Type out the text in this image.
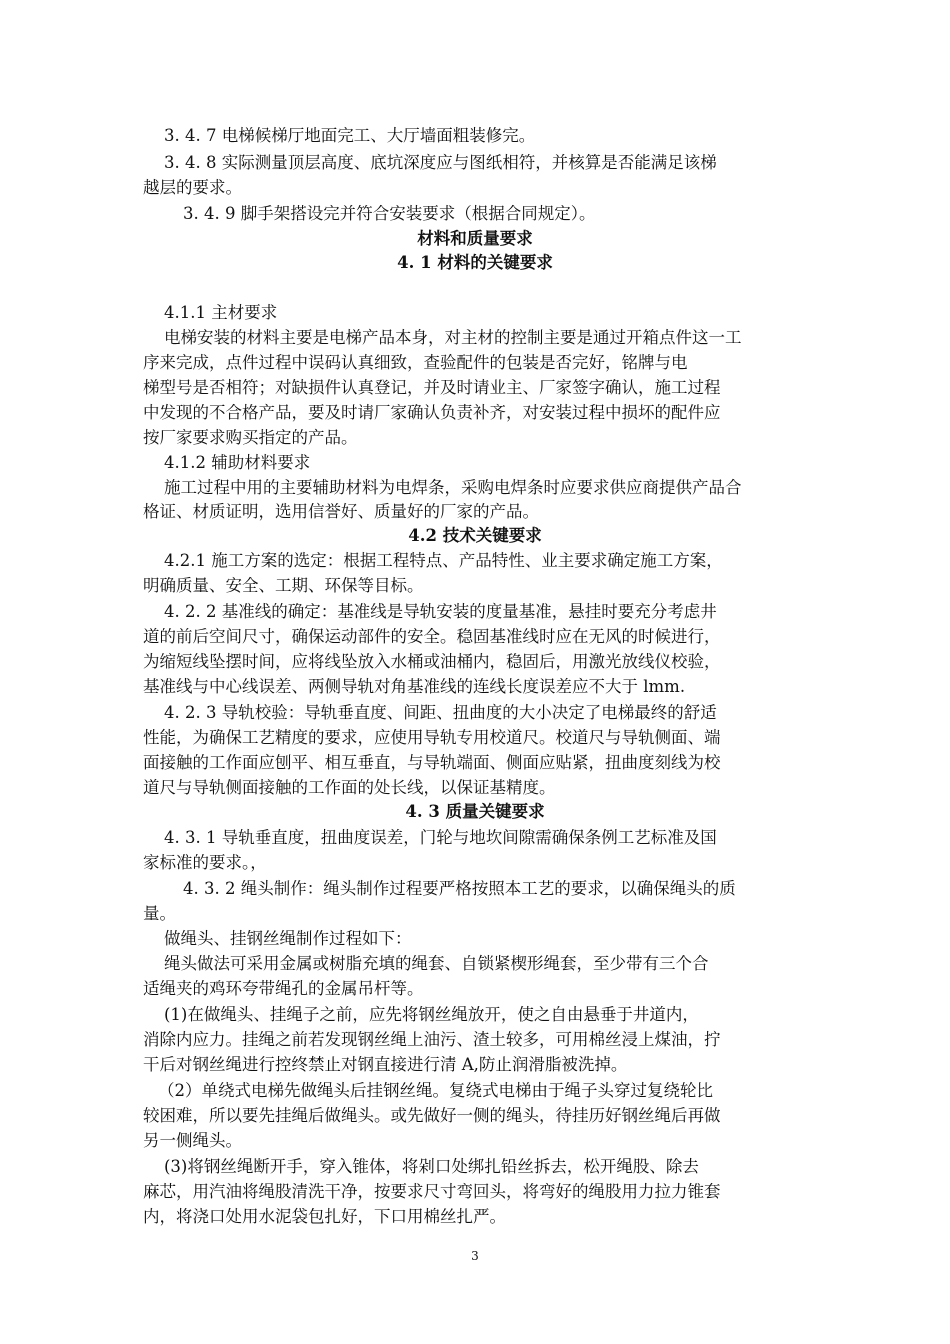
3. 4. 7 电梯候梯厅地面完工、大厅墙面粗装修完。
3. 4. 8 实际测量顶层高度、底坑深度应与图纸相符，并核算是否能满足该梯
越层的要求。
3. 4. 9 脚手架搭设完并符合安装要求（根据合同规定）。
材料和质量要求
4. 1 材料的关键要求
4.1.1 主材要求
电梯安装的材料主要是电梯产品本身，对主材的控制主要是通过开箱点件这一工
序来完成，点件过程中误码认真细致，查验配件的包装是否完好，铭牌与电
梯型号是否相符；对缺损件认真登记，并及时请业主、厂家签字确认，施工过程
中发现的不合格产品，要及时请厂家确认负责补齐，对安装过程中损坏的配件应
按厂家要求购买指定的产品。
4.1.2 辅助材料要求
施工过程中用的主要辅助材料为电焊条，采购电焊条时应要求供应商提供产品合
格证、材质证明，选用信誉好、质量好的厂家的产品。
4.2 技术关键要求
4.2.1 施工方案的选定：根据工程特点、产品特性、业主要求确定施工方案，
明确质量、安全、工期、环保等目标。
4. 2. 2 基准线的确定：基准线是导轨安装的度量基准，悬挂时要充分考虑井
道的前后空间尺寸，确保运动部件的安全。稳固基准线时应在无风的时候进行，
为缩短线坠摆时间，应将线坠放入水桶或油桶内，稳固后，用激光放线仪校验，
基准线与中心线误差、两侧导轨对角基准线的连线长度误差应不大于 lmm.
4. 2. 3 导轨校验：导轨垂直度、间距、扭曲度的大小决定了电梯最终的舒适
性能，为确保工艺精度的要求，应使用导轨专用校道尺。校道尺与导轨侧面、端
面接触的工作面应刨平、相互垂直，与导轨端面、侧面应贴紧，扭曲度刻线为校
道尺与导轨侧面接触的工作面的处长线，以保证基精度。
4. 3 质量关键要求
4. 3. 1 导轨垂直度，扭曲度误差，门轮与地坎间隙需确保条例工艺标准及国
家标准的要求。，
4. 3. 2 绳头制作：绳头制作过程要严格按照本工艺的要求，以确保绳头的质
量。
做绳头、挂钢丝绳制作过程如下：
绳头做法可采用金属或树脂充填的绳套、自锁紧楔形绳套，至少带有三个合
适绳夹的鸡环夸带绳孔的金属吊杆等。
(1)在做绳头、挂绳子之前，应先将钢丝绳放开，使之自由悬垂于井道内，
消除内应力。挂绳之前若发现钢丝绳上油污、渣土较多，可用棉丝浸上煤油，拧
干后对钢丝绳进行控终禁止对钢直接进行清 A,防止润滑脂被洗掉。
（2）单绕式电梯先做绳头后挂钢丝绳。复绕式电梯由于绳子头穿过复绕轮比
较困难，所以要先挂绳后做绳头。或先做好一侧的绳头，待挂历好钢丝绳后再做
另一侧绳头。
(3)将钢丝绳断开手，穿入锥体，将剁口处绑扎铅丝拆去，松开绳股、除去
麻芯，用汽油将绳股清洗干净，按要求尺寸弯回头，将弯好的绳股用力拉力锥套
内，将浇口处用水泥袋包扎好，下口用棉丝扎严。
3
